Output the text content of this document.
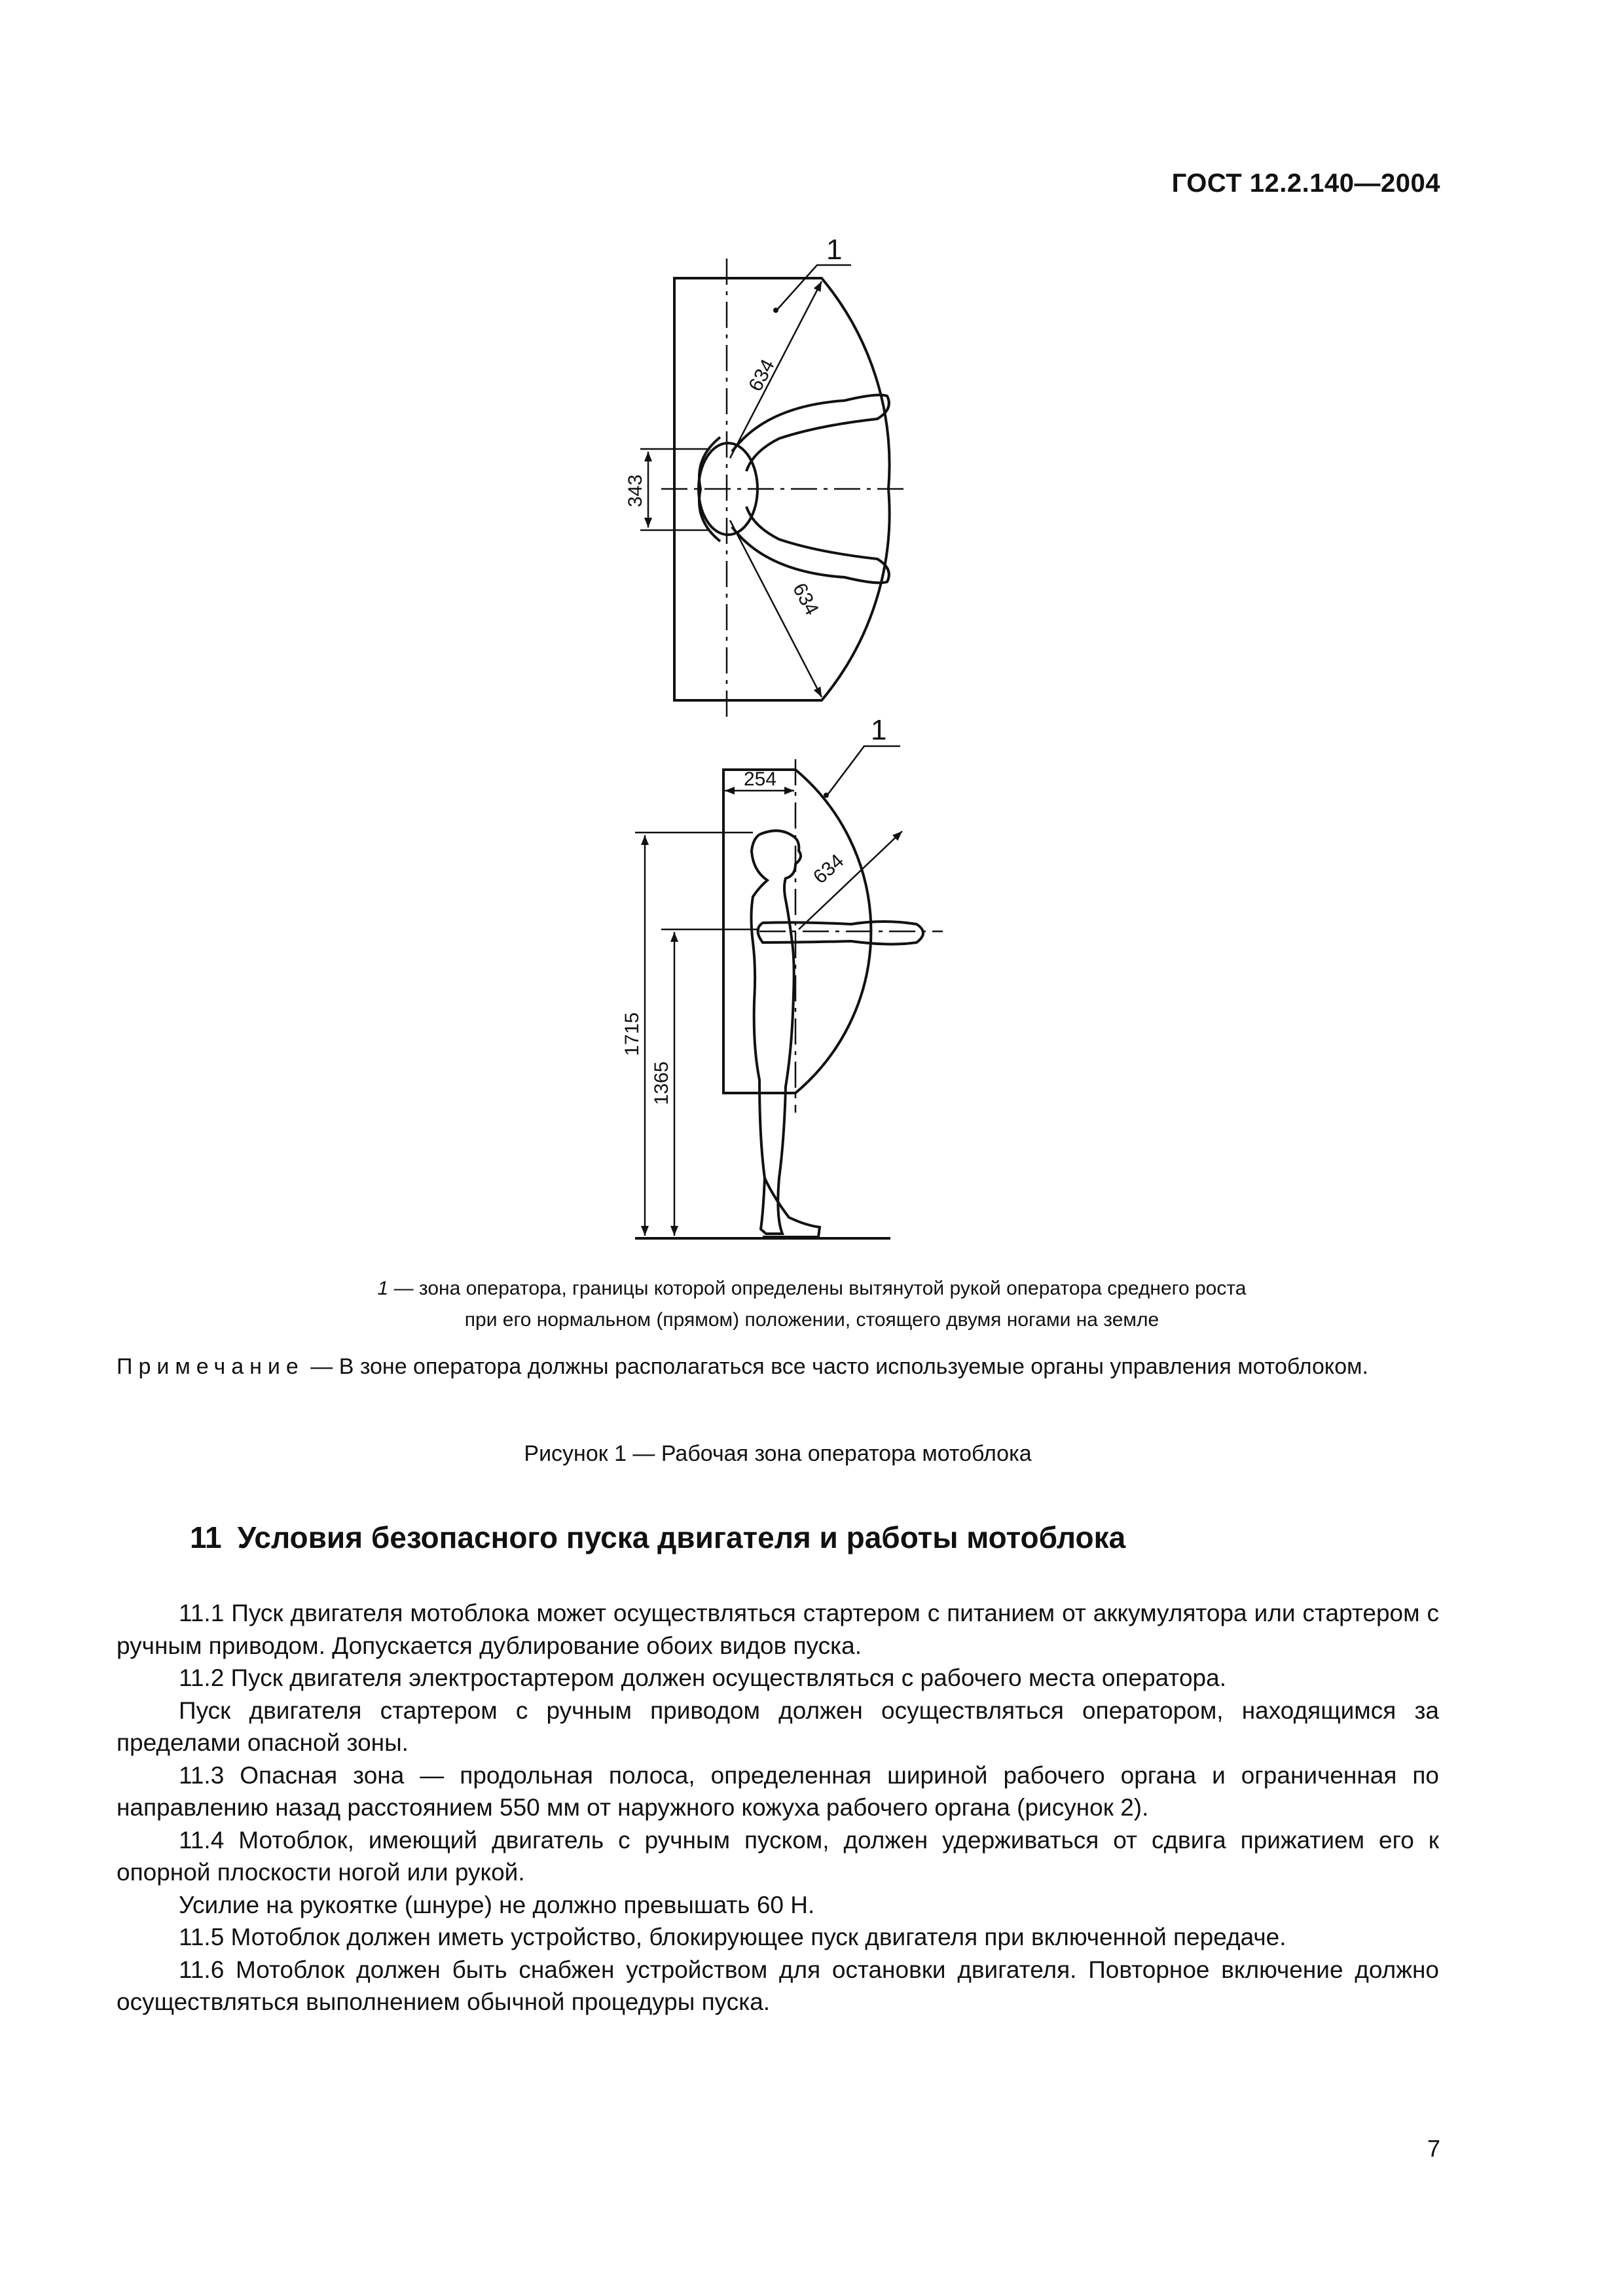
ГОСТ 12.2.140—2004
343
634
634
1
254
634
1715
1365
1
1 — зона оператора, границы которой определены вытянутой рукой оператора среднего роста
при его нормальном (прямом) положении, стоящего двумя ногами на земле
Примечание — В зоне оператора должны располагаться все часто используемые органы управления мотоблоком.
Рисунок 1 — Рабочая зона оператора мотоблока
11 Условия безопасного пуска двигателя и работы мотоблока

11.1 Пуск двигателя мотоблока может осуществляться стартером с питанием от аккумулятора или стартером с ручным приводом. Допускается дублирование обоих видов пуска.

11.2 Пуск двигателя электростартером должен осуществляться с рабочего места оператора.

Пуск двигателя стартером с ручным приводом должен осуществляться оператором, находящимся за пределами опасной зоны.

11.3 Опасная зона — продольная полоса, определенная шириной рабочего органа и ограниченная по направлению назад расстоянием 550 мм от наружного кожуха рабочего органа (рисунок 2).

11.4 Мотоблок, имеющий двигатель с ручным пуском, должен удерживаться от сдвига прижатием его к опорной плоскости ногой или рукой.

Усилие на рукоятке (шнуре) не должно превышать 60 Н.

11.5 Мотоблок должен иметь устройство, блокирующее пуск двигателя при включенной передаче.

11.6 Мотоблок должен быть снабжен устройством для остановки двигателя. Повторное включение должно осуществляться выполнением обычной процедуры пуска.

7
